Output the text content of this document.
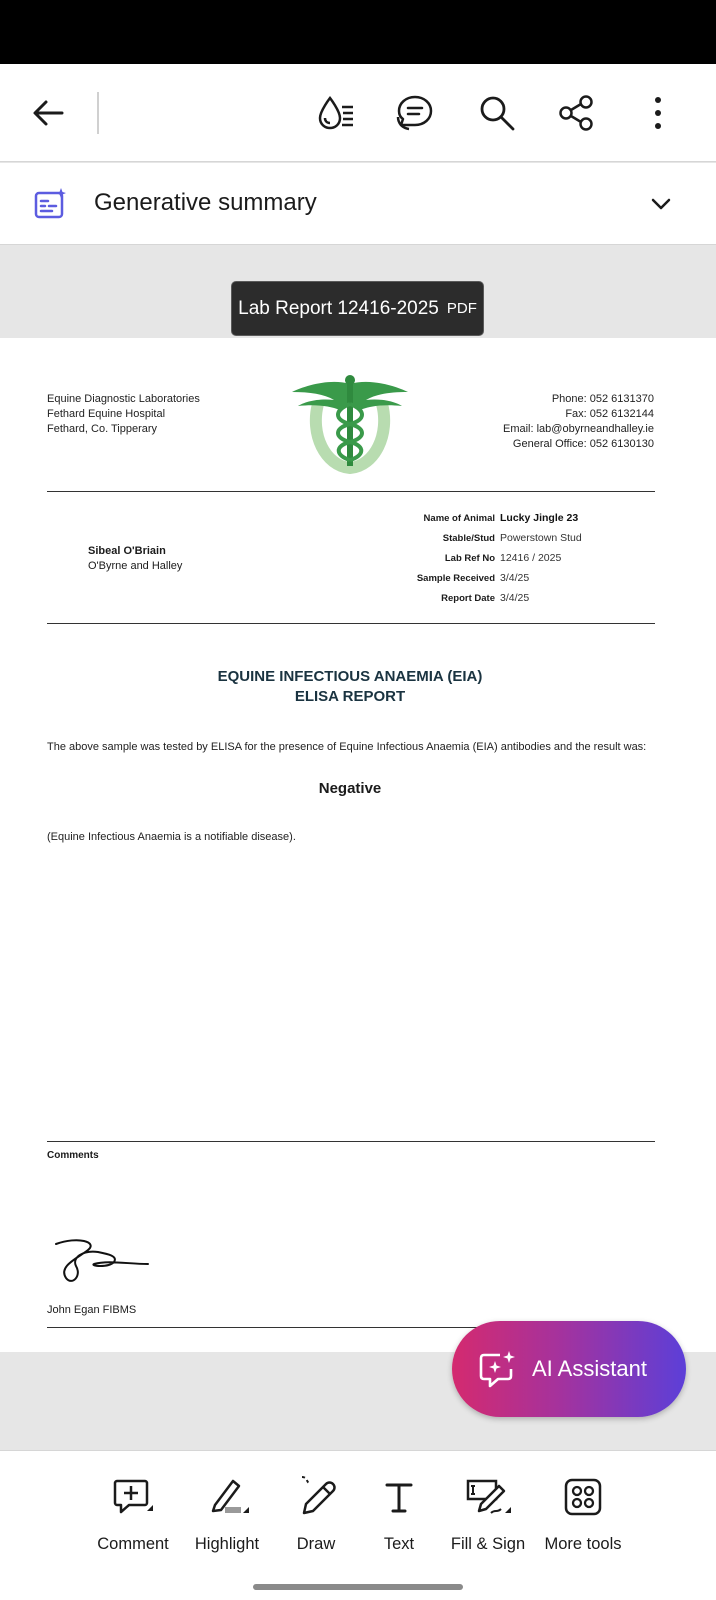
Generative summary
Equine Diagnostic Laboratories
Fethard Equine Hospital
Fethard, Co. Tipperary
Phone: 052 6131370
Fax: 052 6132144
Email: lab@obyrneandhalley.ie
General Office: 052 6130130
Sibeal O'Briain
O'Byrne and Halley
Name of Animal Lucky Jingle 23
Stable/Stud Powerstown Stud
Lab Ref No 12416 / 2025
Sample Received 3/4/25
Report Date 3/4/25
EQUINE INFECTIOUS ANAEMIA (EIA)
ELISA REPORT
The above sample was tested by ELISA for the presence of Equine Infectious Anaemia (EIA) antibodies and the result was:
Negative
(Equine Infectious Anaemia is a notifiable disease).
Comments
John Egan FIBMS
Lab Report 12416-2025 PDF
AI Assistant
Comment Highlight Draw	Text Fill & Sign More tools
